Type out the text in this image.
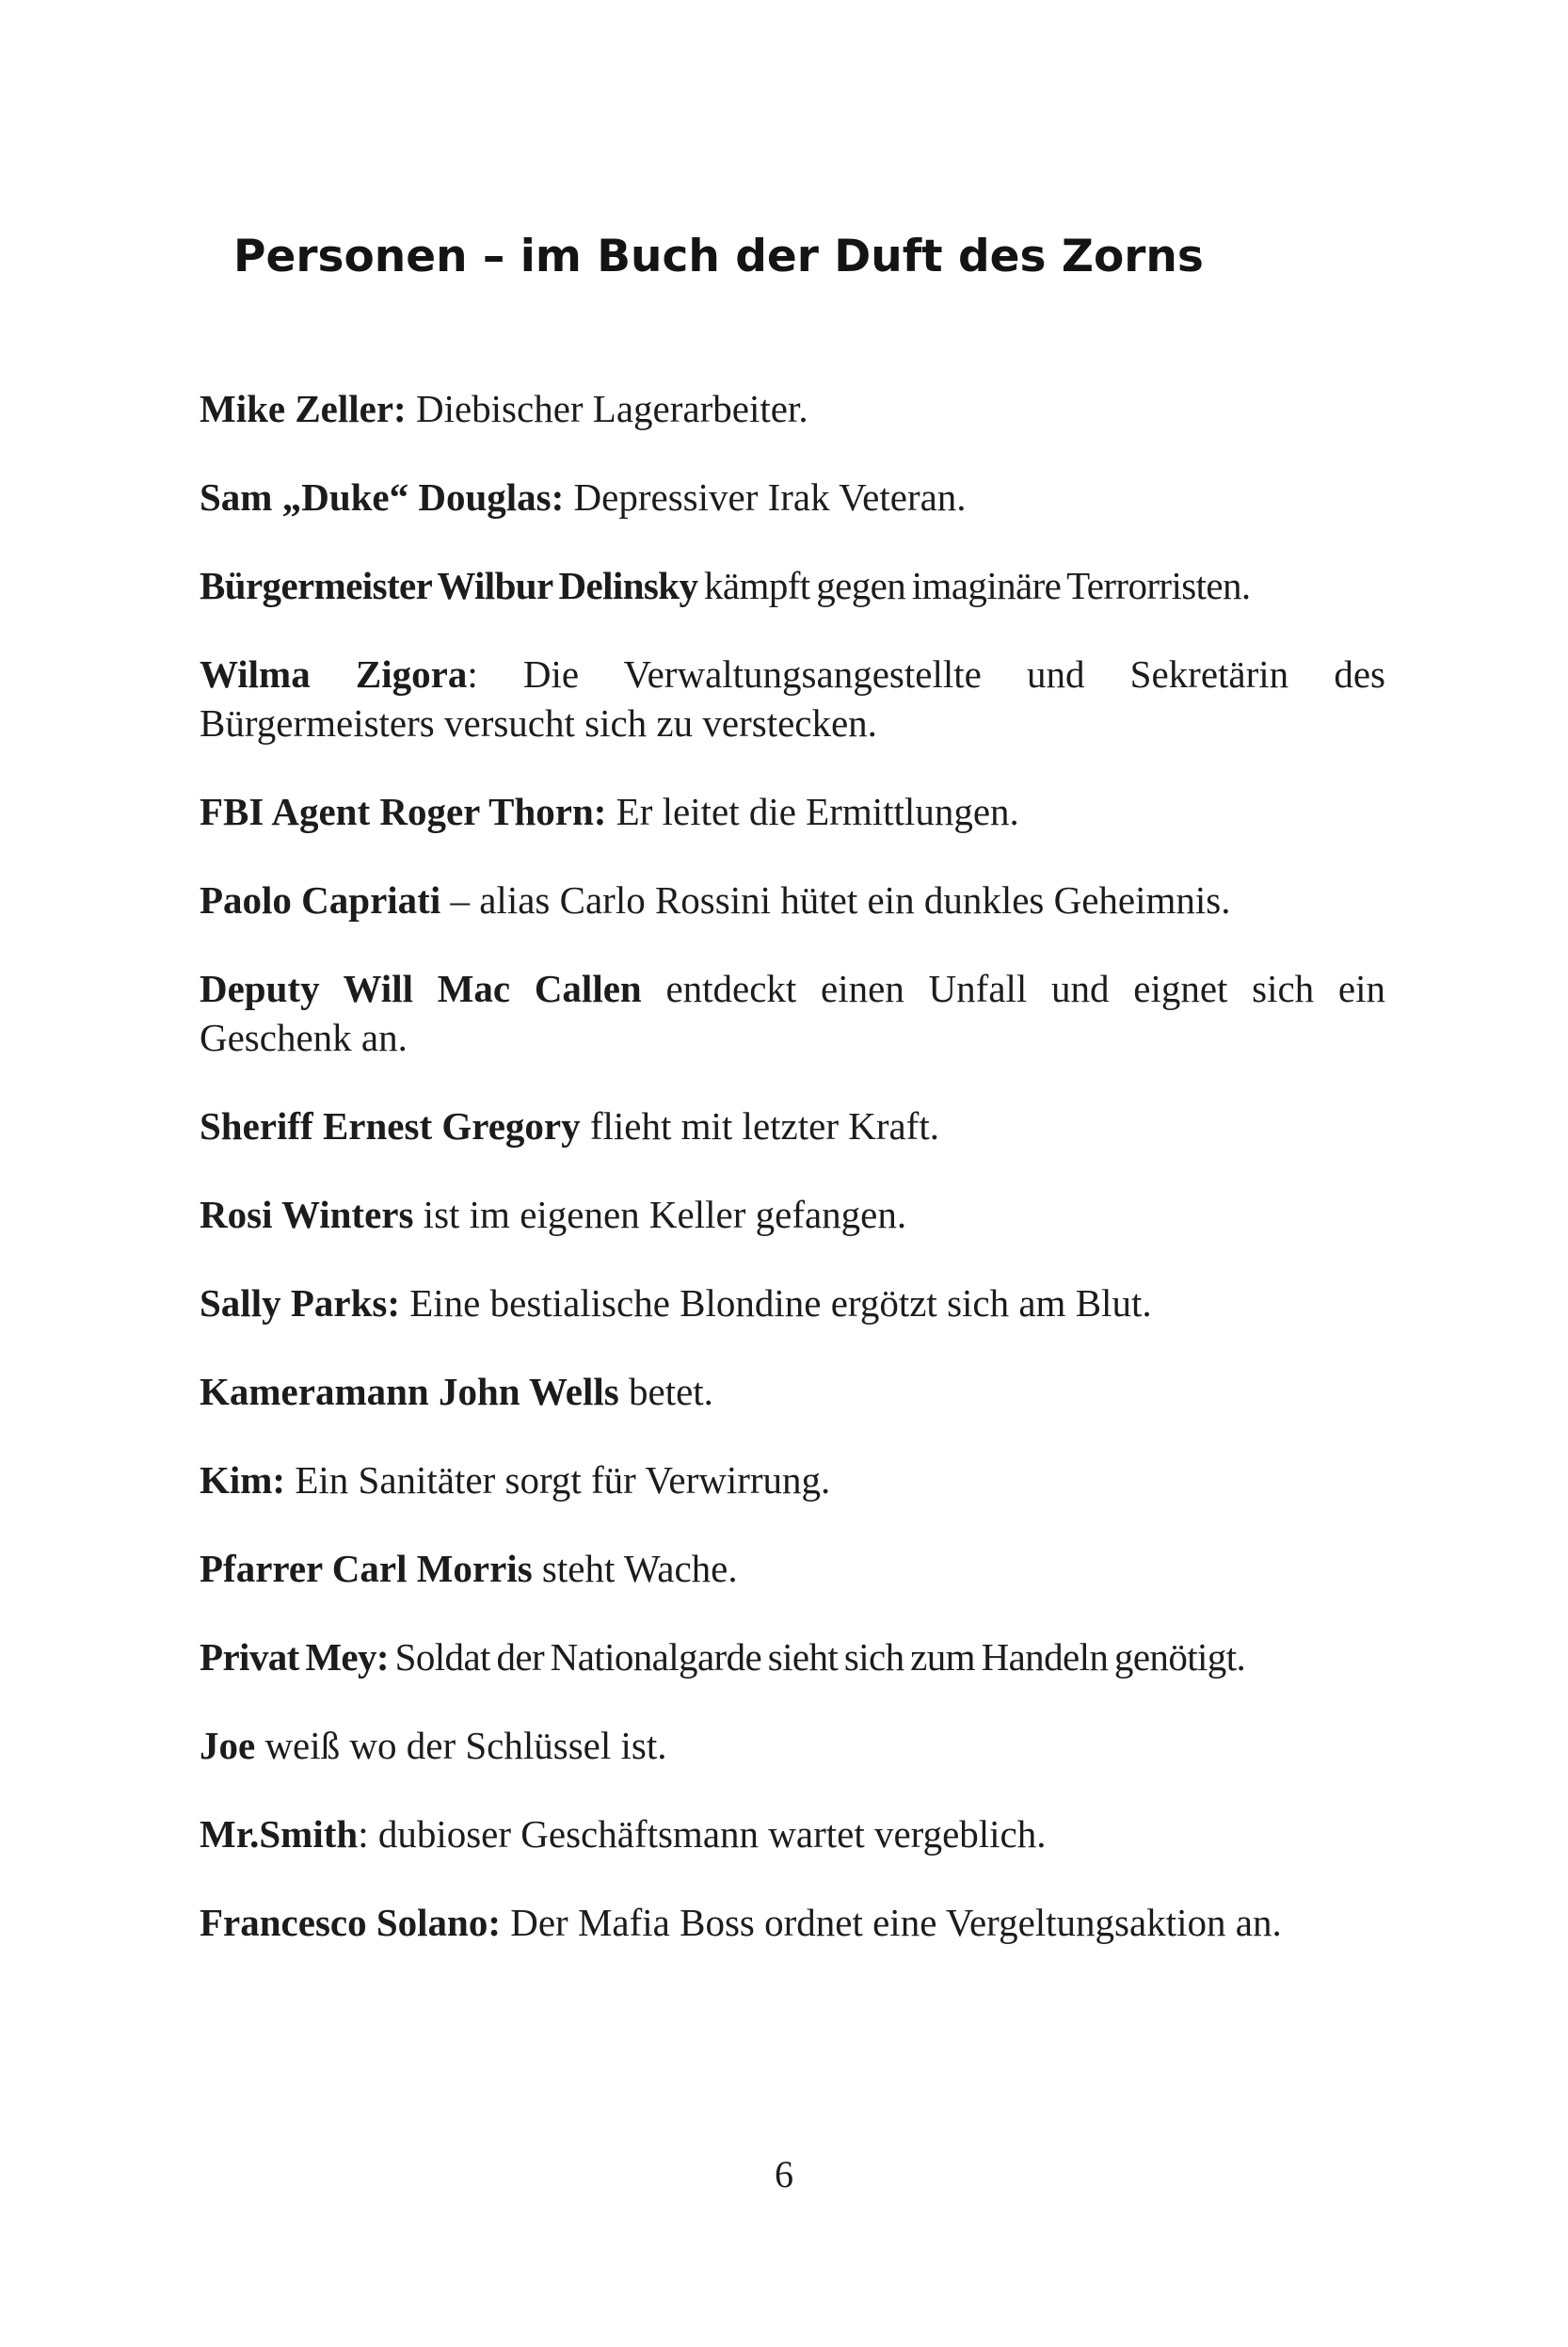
Personen – im Buch der Duft des Zorns
Mike Zeller: Diebischer Lagerarbeiter.
Sam „Duke“ Douglas: Depressiver Irak Veteran.
Bürgermeister Wilbur Delinsky kämpft gegen imaginäre Terrorristen.
Wilma Zigora: Die Verwaltungsangestellte und Sekretärin des Bürgermeisters versucht sich zu verstecken.
FBI Agent Roger Thorn: Er leitet die Ermittlungen.
Paolo Capriati – alias Carlo Rossini hütet ein dunkles Geheimnis.
Deputy Will Mac Callen entdeckt einen Unfall und eignet sich ein Geschenk an.
Sheriff Ernest Gregory flieht mit letzter Kraft.
Rosi Winters ist im eigenen Keller gefangen.
Sally Parks: Eine bestialische Blondine ergötzt sich am Blut.
Kameramann John Wells betet.
Kim: Ein Sanitäter sorgt für Verwirrung.
Pfarrer Carl Morris steht Wache.
Privat Mey: Soldat der Nationalgarde sieht sich zum Handeln genötigt.
Joe weiß wo der Schlüssel ist.
Mr.Smith: dubioser Geschäftsmann wartet vergeblich.
Francesco Solano: Der Mafia Boss ordnet eine Vergeltungsaktion an.
6
